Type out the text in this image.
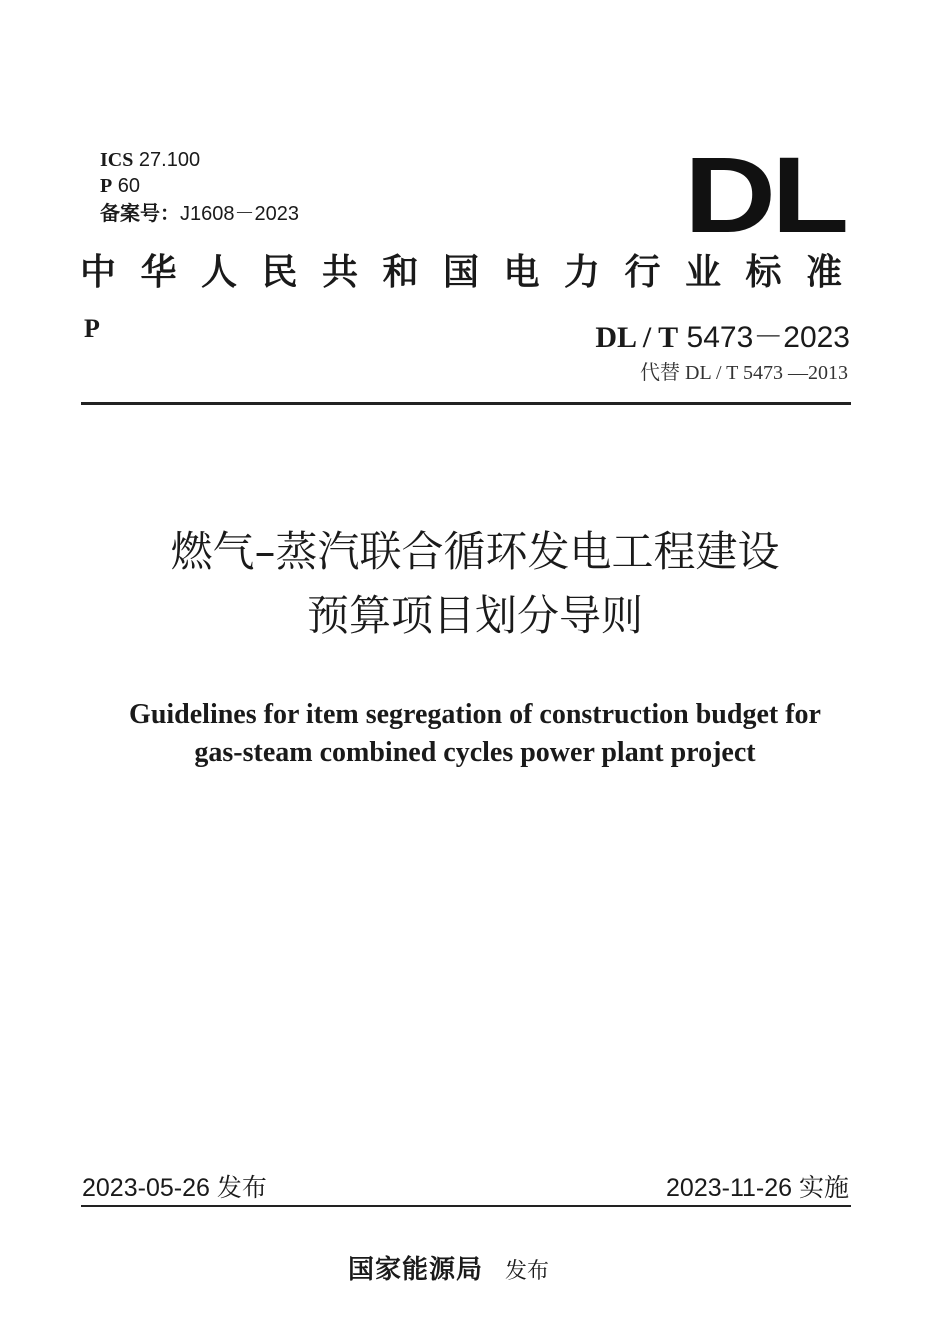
ICS 27.100
P 60
备案号：J1608－2023	DL
中华人民共和国电力行业标准
P	DL / T 5473－2023
代替 DL / T 5473 —2013
燃气–蒸汽联合循环发电工程建设
预算项目划分导则
Guidelines for item segregation of construction budget for
gas-steam combined cycles power plant project
2023-05-26 发布	2023-11-26 实施
国家能源局 发布
